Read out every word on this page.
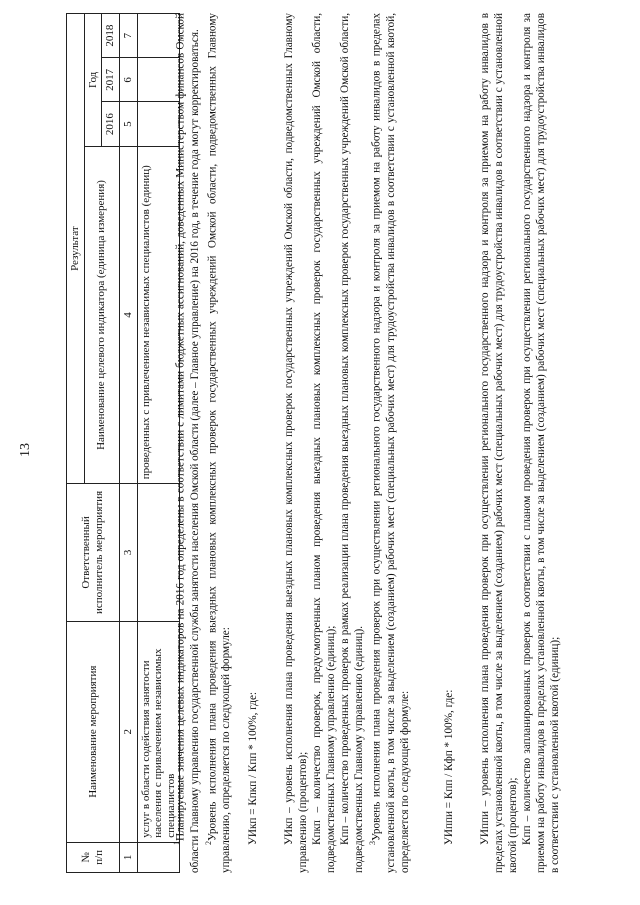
13
№ п/п	Наименование мероприятия	Ответственный исполнитель мероприятия	Результат			
			Наименование целевого индикатора (единица измерения)	Год		
				2016	2017	2018
1	2	3	4	5	6	7
	услуг в области содействия занятости населения с привлечением независимых специалистов		проведенных с привлечением независимых специалистов (единиц)			

$^1$Планируемые значения целевых индикаторов на 2016 год определены в соответствии с лимитами бюджетных ассигнований, доведенных Министерством финансов Омской области Главному управлению государственной службы занятости населения Омской области (далее – Главное управление) на 2016 год, в течение года могут корректироваться. $^2$Уровень исполнения плана проведения выездных плановых комплексных проверок государственных учреждений Омской области, подведомственных Главному управлению, определяется по следующей формуле: УИкп = Кпкп / Кпп * 100%, где: УИкп – уровень исполнения плана проведения выездных плановых комплексных проверок государственных учреждений Омской области, подведомственных Главному управлению (процентов); Кпкп – количество проверок, предусмотренных планом проведения выездных плановых комплексных проверок государственных учреждений Омской области, подведомственных Главному управлению (единиц); Кпп – количество проведенных проверок в рамках реализации плана проведения выездных плановых комплексных проверок государственных учреждений Омской области, подведомственных Главному управлению (единиц). $^3$Уровень исполнения плана проведения проверок при осуществлении регионального государственного надзора и контроля за приемом на работу инвалидов в пределах установленной квоты, в том числе за выделением (созданием) рабочих мест (специальных рабочих мест) для трудоустройства инвалидов в соответствии с установленной квотой, определяется по следующей формуле:	УИппи = Кпп / Кфп * 100%, где: УИппи – уровень исполнения плана проведения проверок при осуществлении регионального государственного надзора и контроля за приемом на работу инвалидов в пределах установленной квоты, в том числе за выделением (созданием) рабочих мест (специальных рабочих мест) для трудоустройства инвалидов в соответствии с установленной квотой (процентов); Кпп – количество запланированных проверок в соответствии с планом проведения проверок при осуществлении регионального государственного надзора и контроля за приемом на работу инвалидов в пределах установленной квоты, в том числе за выделением (созданием) рабочих мест (специальных рабочих мест) для трудоустройства инвалидов в соответствии с установленной квотой (единиц);
